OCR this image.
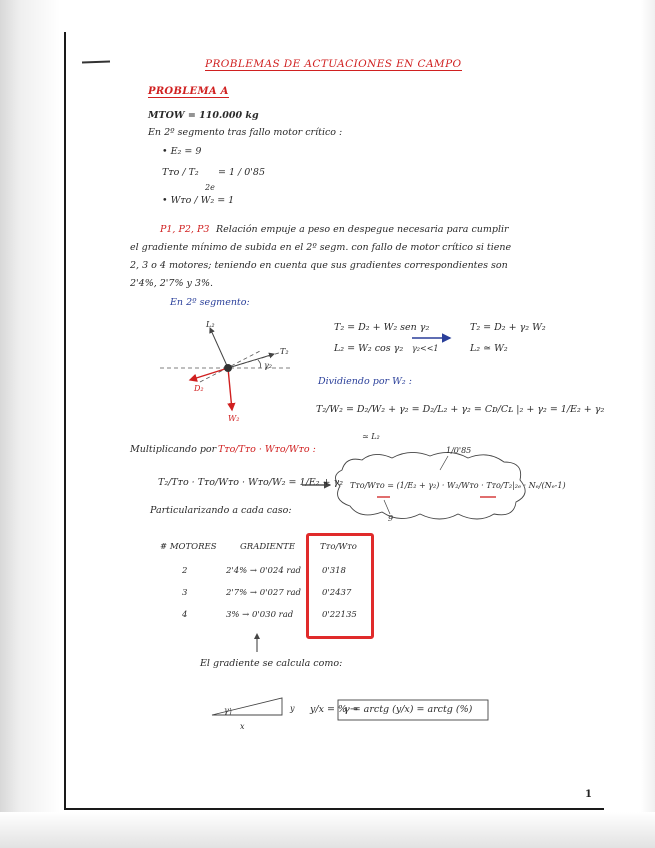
PROBLEMAS DE ACTUACIONES EN CAMPO
PROBLEMA A
MTOW = 110.000 kg
En 2º segmento tras fallo motor crítico :
• E₂ = 9
Tᴛᴏ / T₂
2e
= 1 / 0'85
• Wᴛᴏ / W₂ = 1
P1, P2, P3 Relación empuje a peso en despegue necesaria para cumplir
el gradiente mínimo de subida en el 2º segm. con fallo de motor crítico si tiene
2, 3 o 4 motores; teniendo en cuenta que sus gradientes correspondientes son
2'4%, 2'7% y 3%.
En 2º segmento:
L₂
T₂
γ₂
D₂
W₂
T₂ = D₂ + W₂ sen γ₂
L₂ = W₂ cos γ₂ γ₂<<1
T₂ = D₂ + γ₂ W₂
L₂ ≃ W₂
Dividiendo por W₂ :
T₂/W₂ = D₂/W₂ + γ₂ = D₂/L₂ + γ₂ = Cᴅ/Cʟ |₂ + γ₂ = 1/E₂ + γ₂
≃ L₂
Multiplicando por Tᴛᴏ/Tᴛᴏ · Wᴛᴏ/Wᴛᴏ :
T₂/Tᴛᴏ · Tᴛᴏ/Wᴛᴏ · Wᴛᴏ/W₂ = 1/E₂ + γ₂ Tᴛᴏ/Wᴛᴏ = (1/E₂ + γ₂) · W₂/Wᴛᴏ · Tᴛᴏ/T₂|₂ₑ · Nₑ/(Nₑ-1)
1/0'85
9
Particularizando a cada caso:
# MOTORES	GRADIENTE	Tᴛᴏ/Wᴛᴏ
2	2'4% → 0'024 rad 0'318
3	2'7% → 0'027 rad 0'2437
4	3% → 0'030 rad	0'22135
El gradiente se calcula como:
x
y
γ	y/x = % →
γ = arctg (y/x) = arctg (%)
1
